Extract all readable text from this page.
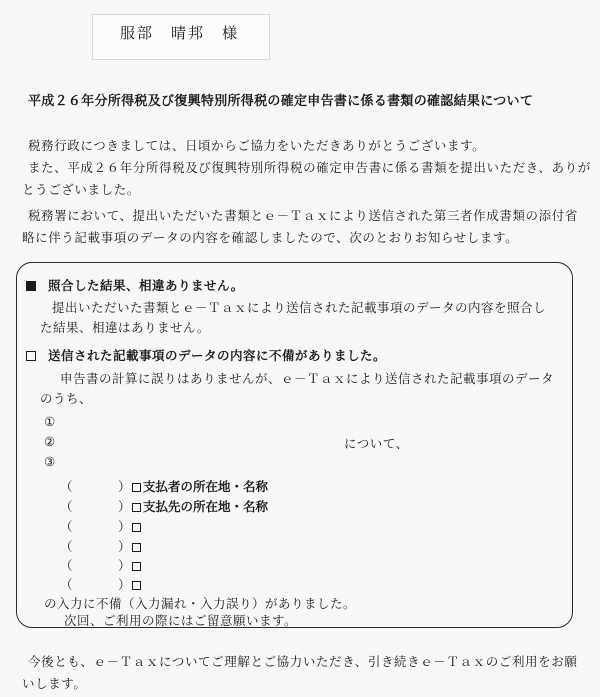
服部　晴邦　様
平成２６年分所得税及び復興特別所得税の確定申告書に係る書類の確認結果について
税務行政につきましては、日頃からご協力をいただきありがとうございます。
また、平成２６年分所得税及び復興特別所得税の確定申告書に係る書類を提出いただき、ありが
とうございました。
税務署において、提出いただいた書類とｅ－Ｔａｘにより送信された第三者作成書類の添付省
略に伴う記載事項のデータの内容を確認しましたので、次のとおりお知らせします。
照合した結果、相違ありません。
提出いただいた書類とｅ－Ｔａｘにより送信された記載事項のデータの内容を照合し
た結果、相違はありません。
送信された記載事項のデータの内容に不備がありました。
申告書の計算に誤りはありませんが、ｅ－Ｔａｘにより送信された記載事項のデータ
のうち、
①
②	について、
③
（	） 支払者の所在地・名称
（	） 支払先の所在地・名称
（	）
（	）
（	）
（	）
の入力に不備（入力漏れ・入力誤り）がありました。
次回、ご利用の際にはご留意願います。
今後とも、ｅ－Ｔａｘについてご理解とご協力いただき、引き続きｅ－Ｔａｘのご利用をお願
いします。
